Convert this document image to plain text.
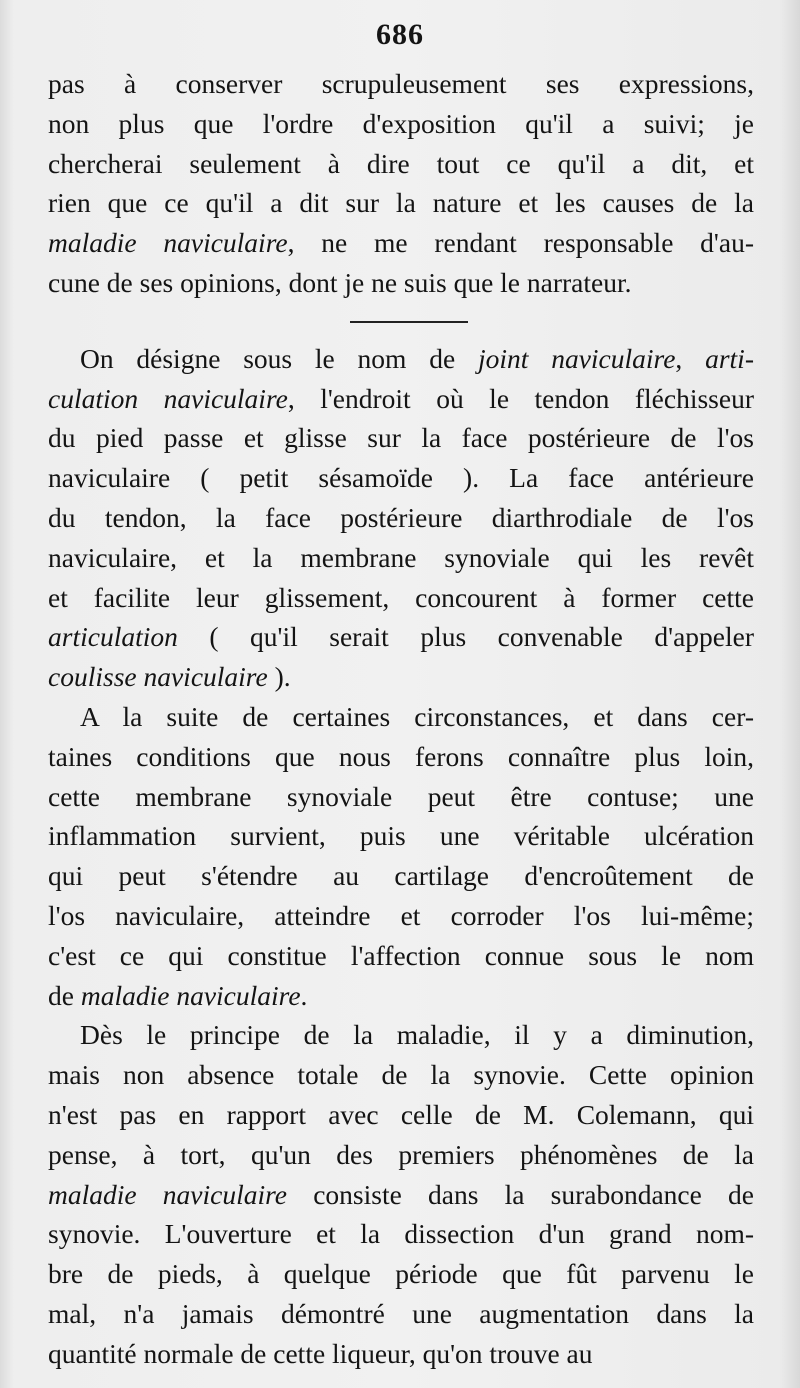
686
pas à conserver scrupuleusement ses expressions,
non plus que l'ordre d'exposition qu'il a suivi; je
chercherai seulement à dire tout ce qu'il a dit, et
rien que ce qu'il a dit sur la nature et les causes de la
maladie naviculaire, ne me rendant responsable d'au-
cune de ses opinions, dont je ne suis que le narrateur.
On désigne sous le nom de joint naviculaire, arti-
culation naviculaire, l'endroit où le tendon fléchisseur
du pied passe et glisse sur la face postérieure de l'os
naviculaire ( petit sésamoïde ). La face antérieure
du tendon, la face postérieure diarthrodiale de l'os
naviculaire, et la membrane synoviale qui les revêt
et facilite leur glissement, concourent à former cette
articulation ( qu'il serait plus convenable d'appeler
coulisse naviculaire ).
A la suite de certaines circonstances, et dans cer-
taines conditions que nous ferons connaître plus loin,
cette membrane synoviale peut être contuse; une
inflammation survient, puis une véritable ulcération
qui peut s'étendre au cartilage d'encroûtement de
l'os naviculaire, atteindre et corroder l'os lui-même;
c'est ce qui constitue l'affection connue sous le nom
de maladie naviculaire.
Dès le principe de la maladie, il y a diminution,
mais non absence totale de la synovie. Cette opinion
n'est pas en rapport avec celle de M. Colemann, qui
pense, à tort, qu'un des premiers phénomènes de la
maladie naviculaire consiste dans la surabondance de
synovie. L'ouverture et la dissection d'un grand nom-
bre de pieds, à quelque période que fût parvenu le
mal, n'a jamais démontré une augmentation dans la
quantité normale de cette liqueur, qu'on trouve au
